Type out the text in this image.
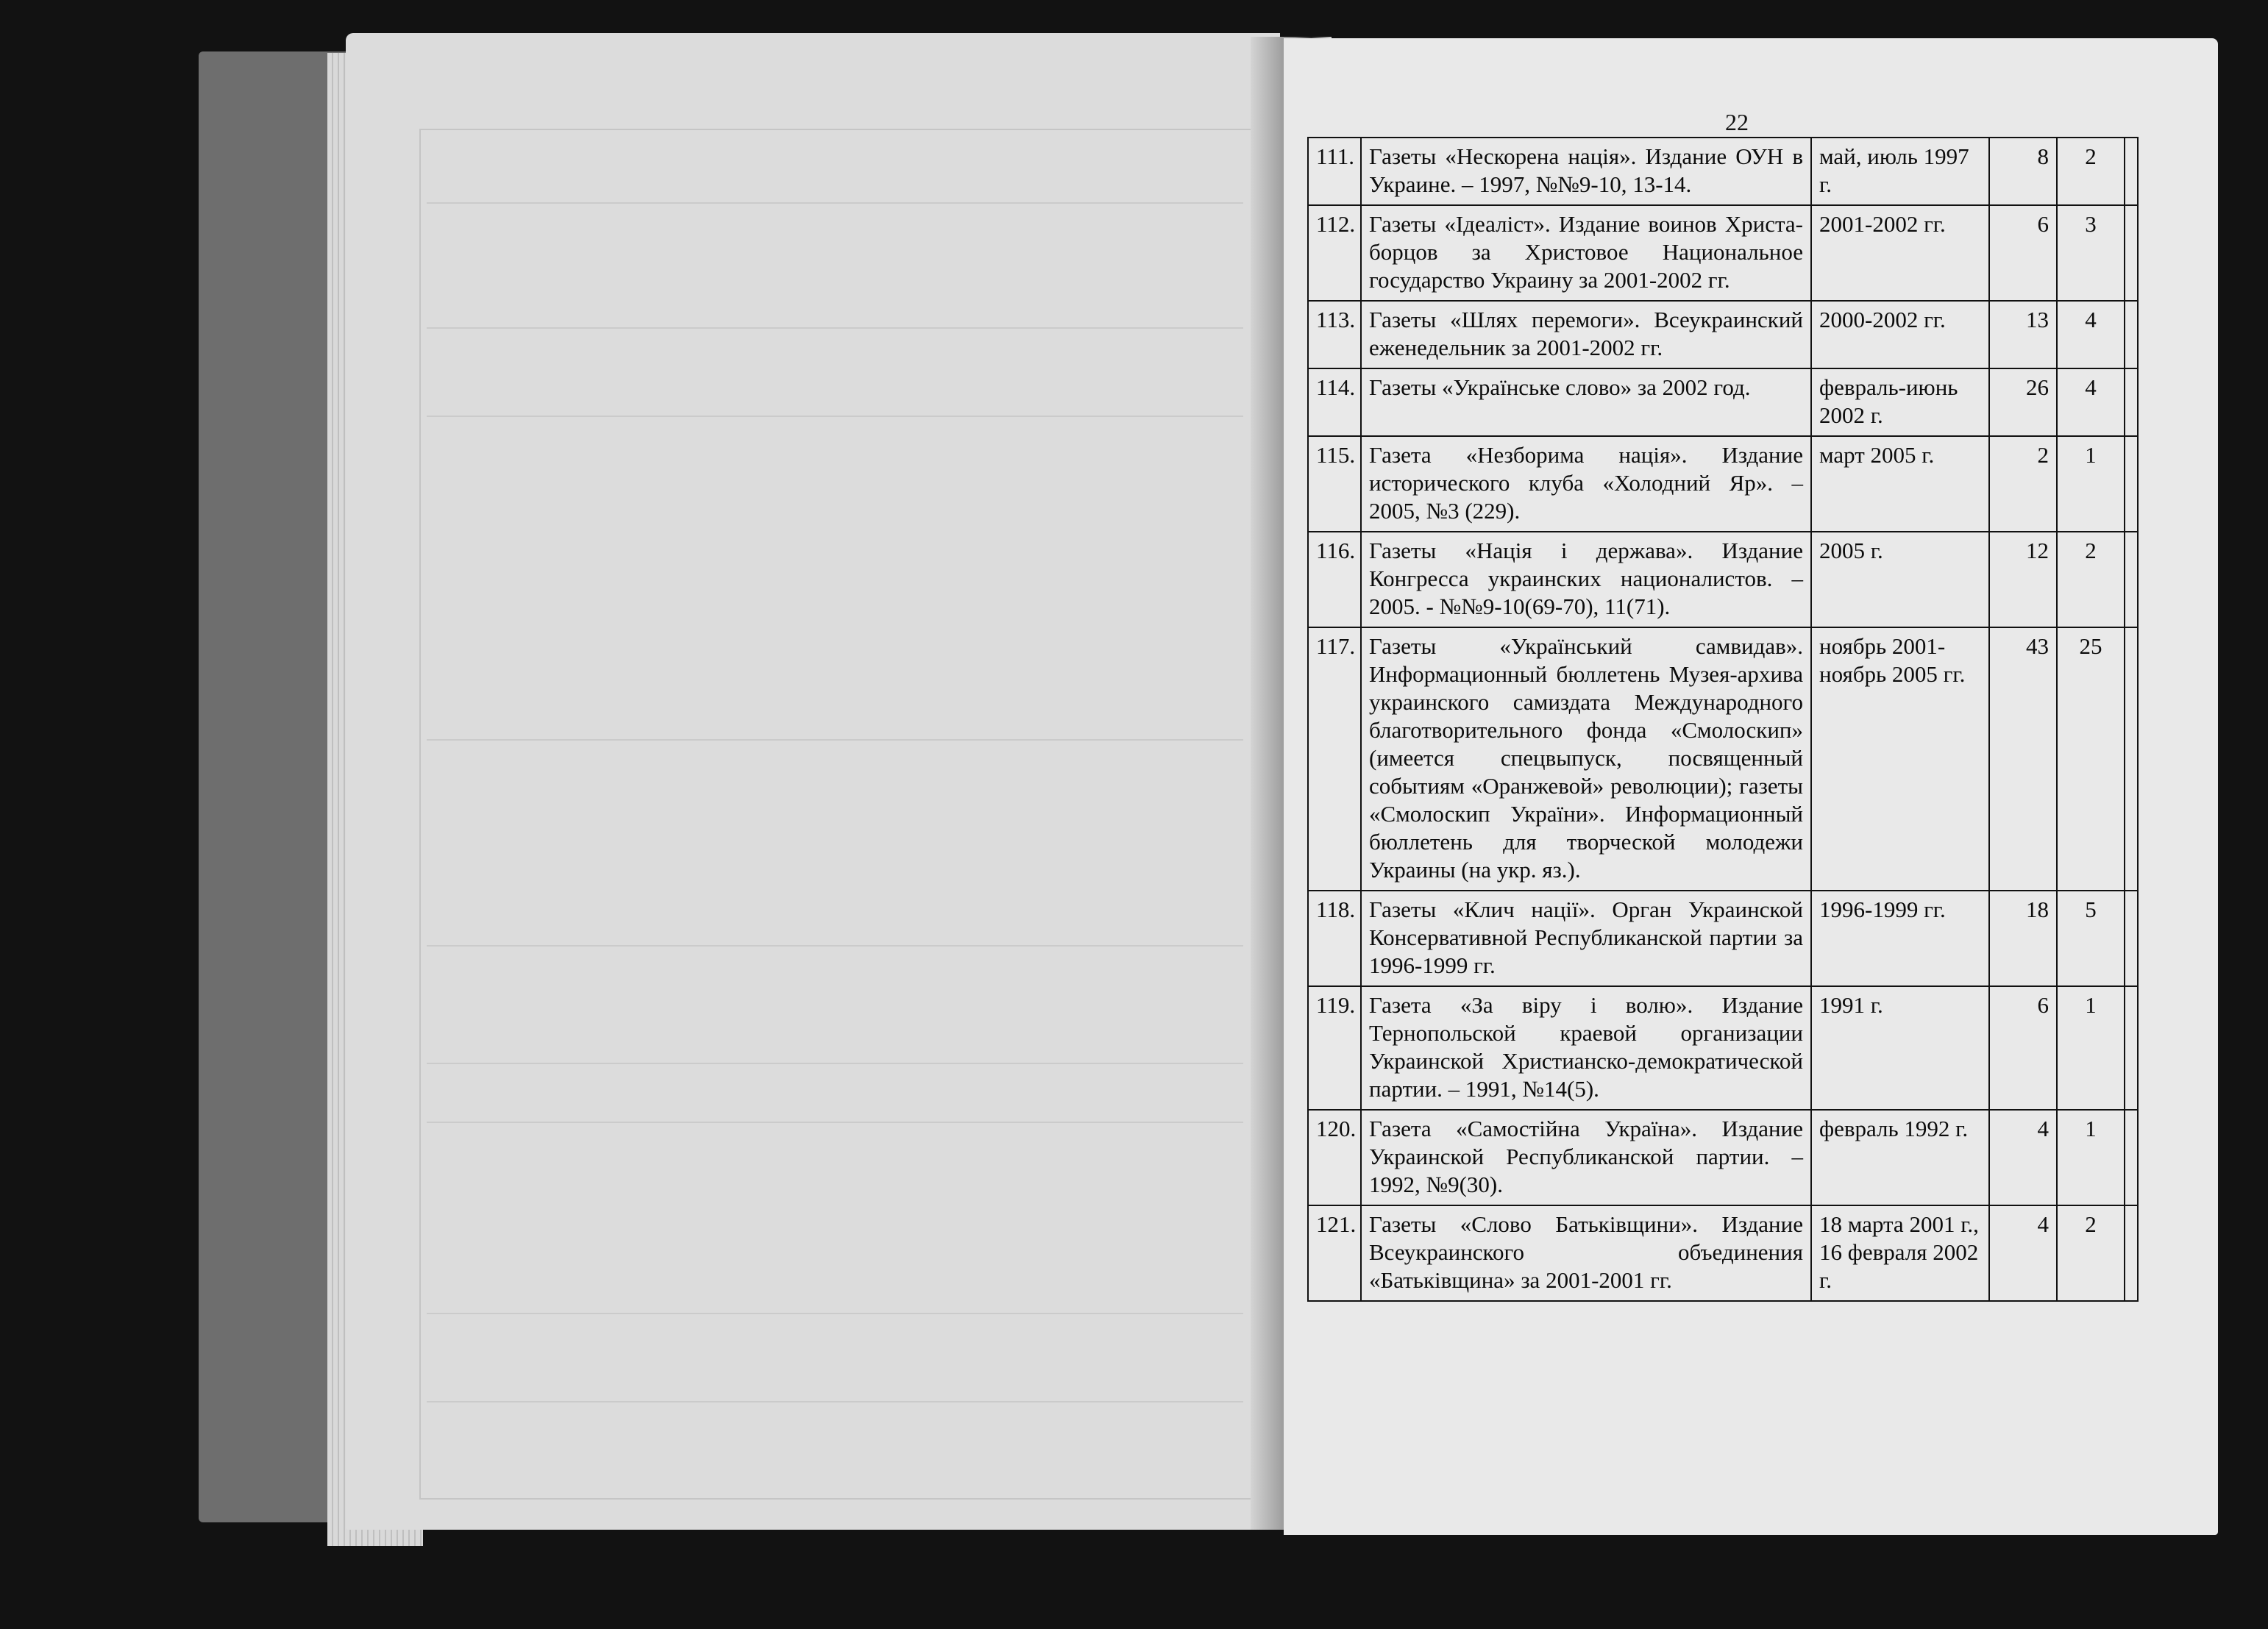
22
111.	Газеты «Нескорена нація». Издание ОУН в Украине. – 1997, №№9-10, 13-14.	май, июль 1997 г.	8	2	
112.	Газеты «Ідеаліст». Издание воинов Христа-борцов за Христовое Национальное государство Украину за 2001-2002 гг.	2001-2002 гг.	6	3	
113.	Газеты «Шлях перемоги». Всеукраинский еженедельник за 2001-2002 гг.	2000-2002 гг.	13	4	
114.	Газеты «Українське слово» за 2002 год.	февраль-июнь 2002 г.	26	4	
115.	Газета «Незборима нація». Издание исторического клуба «Холодний Яр». – 2005, №3 (229).	март 2005 г.	2	1	
116.	Газеты «Нація і держава». Издание Конгресса украинских националистов. – 2005. - №№9-10(69-70), 11(71).	2005 г.	12	2	
117.	Газеты «Український самвидав». Информационный бюллетень Музея-архива украинского самиздата Международного благотворительного фонда «Смолоскип» (имеется спецвыпуск, посвященный событиям «Оранжевой» революции); газеты «Смолоскип України». Информационный бюллетень для творческой молодежи Украины (на укр. яз.).	ноябрь 2001-ноябрь 2005 гг.	43	25	
118.	Газеты «Клич нації». Орган Украинской Консервативной Республиканской партии за 1996-1999 гг.	1996-1999 гг.	18	5	
119.	Газета «За віру і волю». Издание Тернопольской краевой организации Украинской Христианско-демократической партии. – 1991, №14(5).	1991 г.	6	1	
120.	Газета «Самостійна Україна». Издание Украинской Республиканской партии. – 1992, №9(30).	февраль 1992 г.	4	1	
121.	Газеты «Слово Батьківщини». Издание Всеукраинского объединения «Батьківщина» за 2001-2001 гг.	18 марта 2001 г., 16 февраля 2002 г.	4	2	
